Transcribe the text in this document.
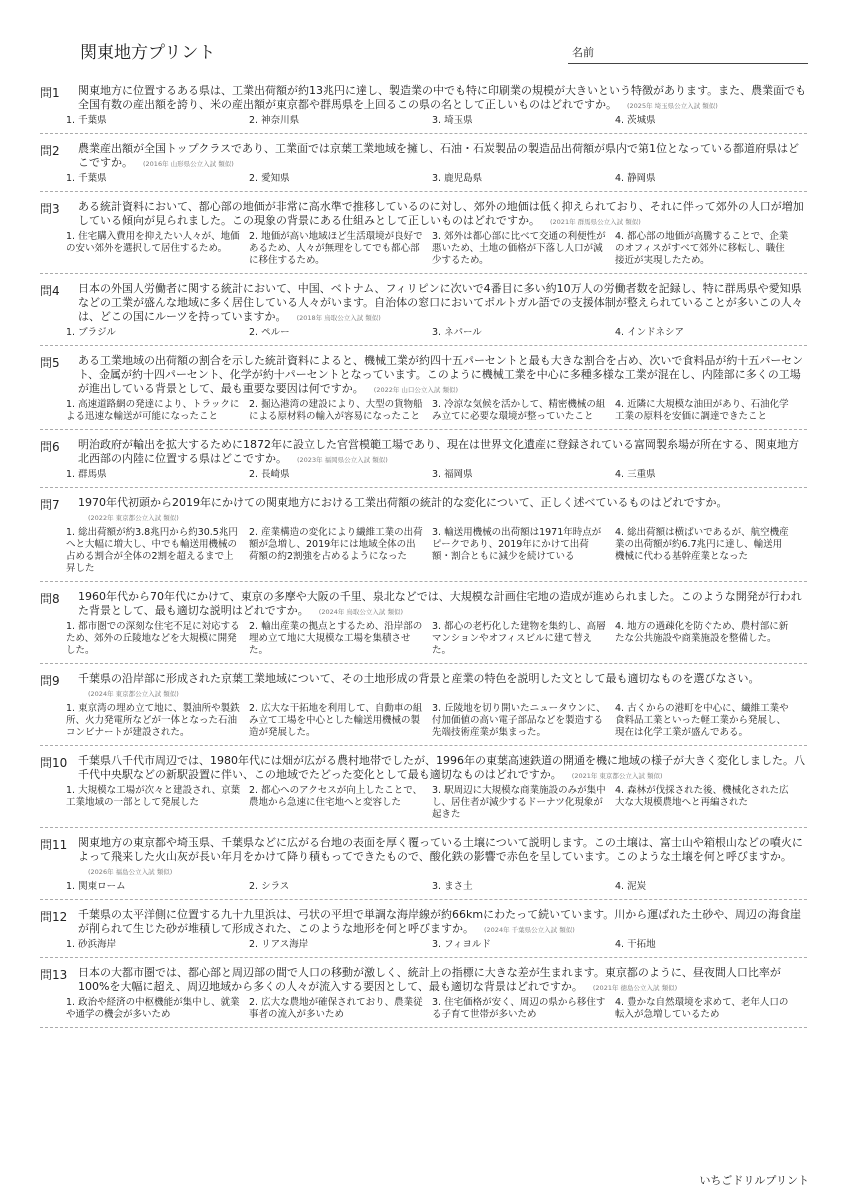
関東地方プリント	名前
問1	関東地方に位置するある県は、工業出荷額が約13兆円に達し、製造業の中でも特に印刷業の規模が大きいという特徴があります。また、農業面でも全国有数の産出額を誇り、米の産出額が東京都や群馬県を上回るこの県の名として正しいものはどれですか。 (2025年 埼玉県公立入試 類似)
1. 千葉県	2. 神奈川県	3. 埼玉県	4. 茨城県
問2	農業産出額が全国トップクラスであり、工業面では京葉工業地域を擁し、石油・石炭製品の製造品出荷額が県内で第1位となっている都道府県はどこですか。 (2016年 山形県公立入試 類似)
1. 千葉県	2. 愛知県	3. 鹿児島県	4. 静岡県
問3	ある統計資料において、都心部の地価が非常に高水準で推移しているのに対し、郊外の地価は低く抑えられており、それに伴って郊外の人口が増加している傾向が見られました。この現象の背景にある仕組みとして正しいものはどれですか。 (2021年 群馬県公立入試 類似)
1. 住宅購入費用を抑えたい人々が、地価の安い郊外を選択して居住するため。
2. 地価が高い地域ほど生活環境が良好であるため、人々が無理をしてでも都心部に移住するため。
3. 郊外は都心部に比べて交通の利便性が悪いため、土地の価格が下落し人口が減少するため。
4. 都心部の地価が高騰することで、企業のオフィスがすべて郊外に移転し、職住接近が実現したため。
問4	日本の外国人労働者に関する統計において、中国、ベトナム、フィリピンに次いで4番目に多い約10万人の労働者数を記録し、特に群馬県や愛知県などの工業が盛んな地域に多く居住している人々がいます。自治体の窓口においてポルトガル語での支援体制が整えられていることが多いこの人々は、どこの国にルーツを持っていますか。 (2018年 鳥取公立入試 類似)
1. ブラジル	2. ペルー	3. ネパール	4. インドネシア
問5	ある工業地域の出荷額の割合を示した統計資料によると、機械工業が約四十五パーセントと最も大きな割合を占め、次いで食料品が約十五パーセント、金属が約十四パーセント、化学が約十パーセントとなっています。このように機械工業を中心に多種多様な工業が混在し、内陸部に多くの工場が進出している背景として、最も重要な要因は何ですか。 (2022年 山口公立入試 類似)
1. 高速道路網の発達により、トラックによる迅速な輸送が可能になったこと
2. 掘込港湾の建設により、大型の貨物船による原材料の輸入が容易になったこと
3. 冷涼な気候を活かして、精密機械の組み立てに必要な環境が整っていたこと
4. 近隣に大規模な油田があり、石油化学工業の原料を安価に調達できたこと
問6	明治政府が輸出を拡大するために1872年に設立した官営模範工場であり、現在は世界文化遺産に登録されている富岡製糸場が所在する、関東地方北西部の内陸に位置する県はどこですか。 (2023年 福岡県公立入試 類似)
1. 群馬県	2. 長崎県	3. 福岡県	4. 三重県
問7	1970年代初頭から2019年にかけての関東地方における工業出荷額の統計的な変化について、正しく述べているものはどれですか。(2022年 東京都公立入試 類似)
1. 総出荷額が約3.8兆円から約30.5兆円へと大幅に増大し、中でも輸送用機械の占める割合が全体の2割を超えるまで上昇した
2. 産業構造の変化により繊維工業の出荷額が急増し、2019年には地域全体の出荷額の約2割強を占めるようになった
3. 輸送用機械の出荷額は1971年時点がピークであり、2019年にかけて出荷額・割合ともに減少を続けている
4. 総出荷額は横ばいであるが、航空機産業の出荷額が約6.7兆円に達し、輸送用機械に代わる基幹産業となった
問8	1960年代から70年代にかけて、東京の多摩や大阪の千里、泉北などでは、大規模な計画住宅地の造成が進められました。このような開発が行われた背景として、最も適切な説明はどれですか。 (2024年 鳥取公立入試 類似)
1. 都市圏での深刻な住宅不足に対応するため、郊外の丘陵地などを大規模に開発した。
2. 輸出産業の拠点とするため、沿岸部の埋め立て地に大規模な工場を集積させた。
3. 都心の老朽化した建物を集約し、高層マンションやオフィスビルに建て替えた。
4. 地方の過疎化を防ぐため、農村部に新たな公共施設や商業施設を整備した。
問9	千葉県の沿岸部に形成された京葉工業地域について、その土地形成の背景と産業の特色を説明した文として最も適切なものを選びなさい。(2024年 東京都公立入試 類似)
1. 東京湾の埋め立て地に、製油所や製鉄所、火力発電所などが一体となった石油コンビナートが建設された。
2. 広大な干拓地を利用して、自動車の組み立て工場を中心とした輸送用機械の製造が発展した。
3. 丘陵地を切り開いたニュータウンに、付加価値の高い電子部品などを製造する先端技術産業が集まった。
4. 古くからの港町を中心に、繊維工業や食料品工業といった軽工業から発展し、現在は化学工業が盛んである。
問10 千葉県八千代市周辺では、1980年代には畑が広がる農村地帯でしたが、1996年の東葉高速鉄道の開通を機に地域の様子が大きく変化しました。八千代中央駅などの新駅設置に伴い、この地域でたどった変化として最も適切なものはどれですか。 (2021年 東京都公立入試 類似)
1. 大規模な工場が次々と建設され、京葉工業地域の一部として発展した
2. 都心へのアクセスが向上したことで、農地から急速に住宅地へと変容した
3. 駅周辺に大規模な商業施設のみが集中し、居住者が減少するドーナツ化現象が起きた
4. 森林が伐採された後、機械化された広大な大規模農地へと再編された
問11 関東地方の東京都や埼玉県、千葉県などに広がる台地の表面を厚く覆っている土壌について説明します。この土壌は、富士山や箱根山などの噴火によって飛来した火山灰が長い年月をかけて降り積もってできたもので、酸化鉄の影響で赤色を呈しています。このような土壌を何と呼びますか。(2026年 福島公立入試 類似)
1. 関東ローム	2. シラス	3. まさ土	4. 泥炭
問12 千葉県の太平洋側に位置する九十九里浜は、弓状の平坦で単調な海岸線が約66kmにわたって続いています。川から運ばれた土砂や、周辺の海食崖が削られて生じた砂が堆積して形成された、このような地形を何と呼びますか。 (2024年 千葉県公立入試 類似)
1. 砂浜海岸	2. リアス海岸	3. フィヨルド	4. 干拓地
問13 日本の大都市圏では、都心部と周辺部の間で人口の移動が激しく、統計上の指標に大きな差が生まれます。東京都のように、昼夜間人口比率が100%を大幅に超え、周辺地域から多くの人々が流入する要因として、最も適切な背景はどれですか。 (2021年 徳島公立入試 類似)
1. 政治や経済の中枢機能が集中し、就業や通学の機会が多いため
2. 広大な農地が確保されており、農業従事者の流入が多いため
3. 住宅価格が安く、周辺の県から移住する子育て世帯が多いため
4. 豊かな自然環境を求めて、老年人口の転入が急増しているため
いちごドリルプリント
